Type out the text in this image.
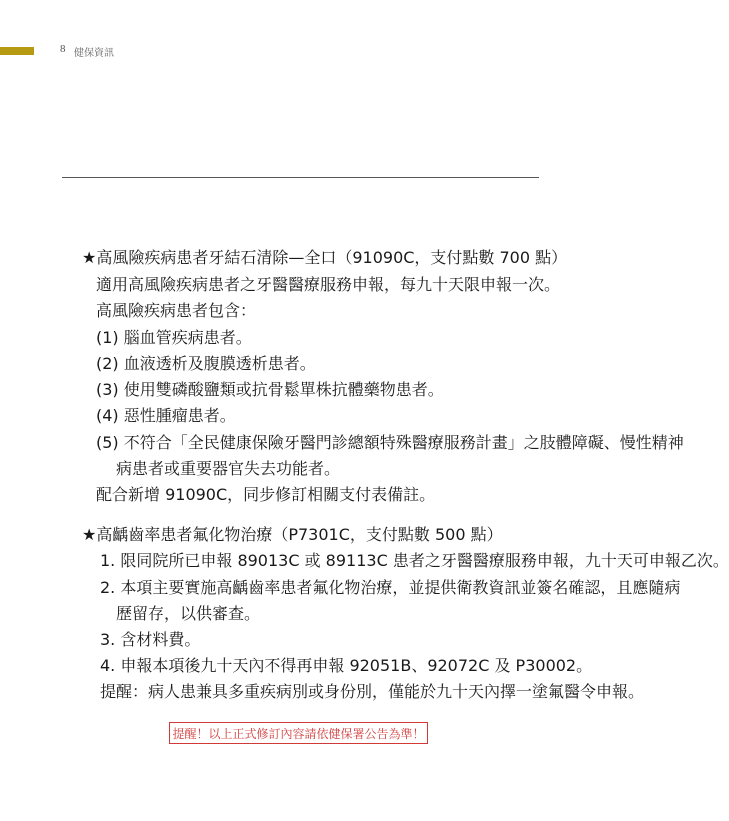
8 健保資訊
★高風險疾病患者牙結石清除—全口（91090C，支付點數 700 點）
適用高風險疾病患者之牙醫醫療服務申報，每九十天限申報一次。
高風險疾病患者包含：
(1) 腦血管疾病患者。
(2) 血液透析及腹膜透析患者。
(3) 使用雙磷酸鹽類或抗骨鬆單株抗體藥物患者。
(4) 惡性腫瘤患者。
(5) 不符合「全民健康保險牙醫門診總額特殊醫療服務計畫」之肢體障礙、慢性精神
病患者或重要器官失去功能者。
配合新增 91090C，同步修訂相關支付表備註。
★高齲齒率患者氟化物治療（P7301C，支付點數 500 點）
1. 限同院所已申報 89013C 或 89113C 患者之牙醫醫療服務申報，九十天可申報乙次。
2. 本項主要實施高齲齒率患者氟化物治療，並提供衛教資訊並簽名確認，且應隨病
歷留存，以供審查。
3. 含材料費。
4. 申報本項後九十天內不得再申報 92051B、92072C 及 P30002。
提醒：病人患兼具多重疾病別或身份別，僅能於九十天內擇一塗氟醫令申報。
提醒！以上正式修訂內容請依健保署公告為準！
